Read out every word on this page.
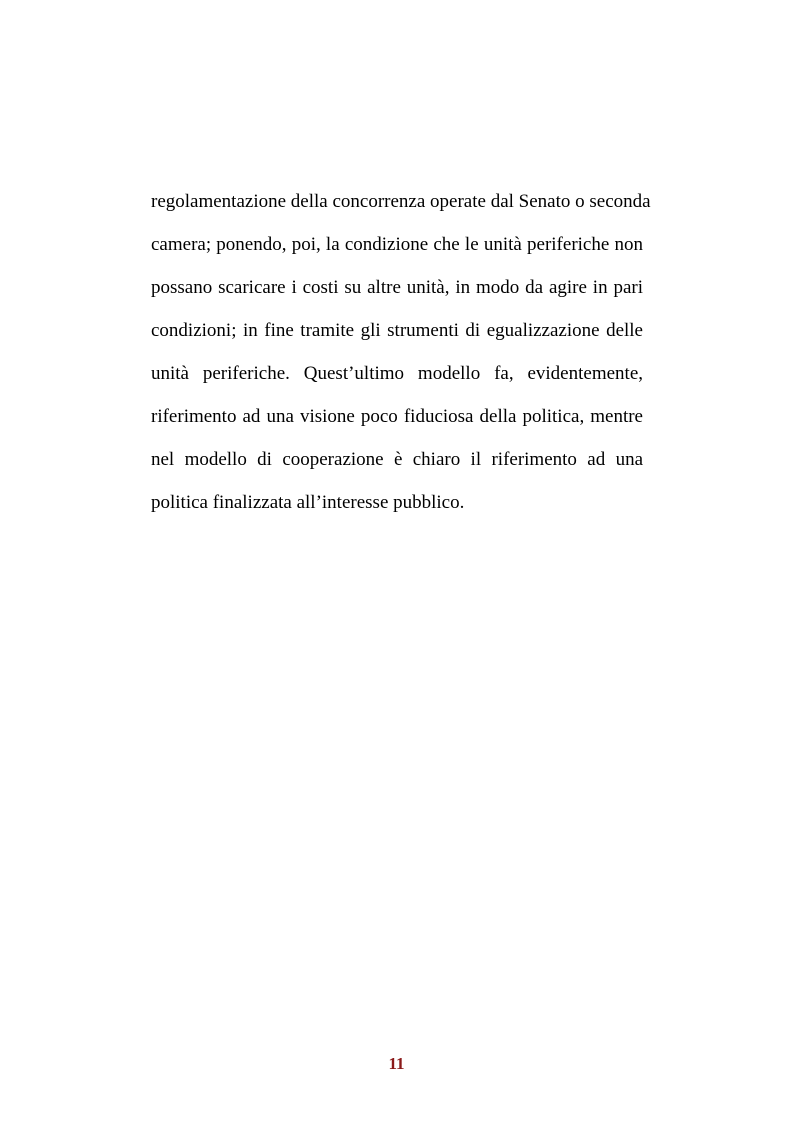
regolamentazione della concorrenza operate dal Senato o seconda
camera; ponendo, poi, la condizione che le unità periferiche non
possano scaricare i costi su altre unità, in modo da agire in pari
condizioni; in fine tramite gli strumenti di egualizzazione delle
unità periferiche. Quest’ultimo modello fa, evidentemente,
riferimento ad una visione poco fiduciosa della politica, mentre
nel modello di cooperazione è chiaro il riferimento ad una
politica finalizzata all’interesse pubblico.
11
